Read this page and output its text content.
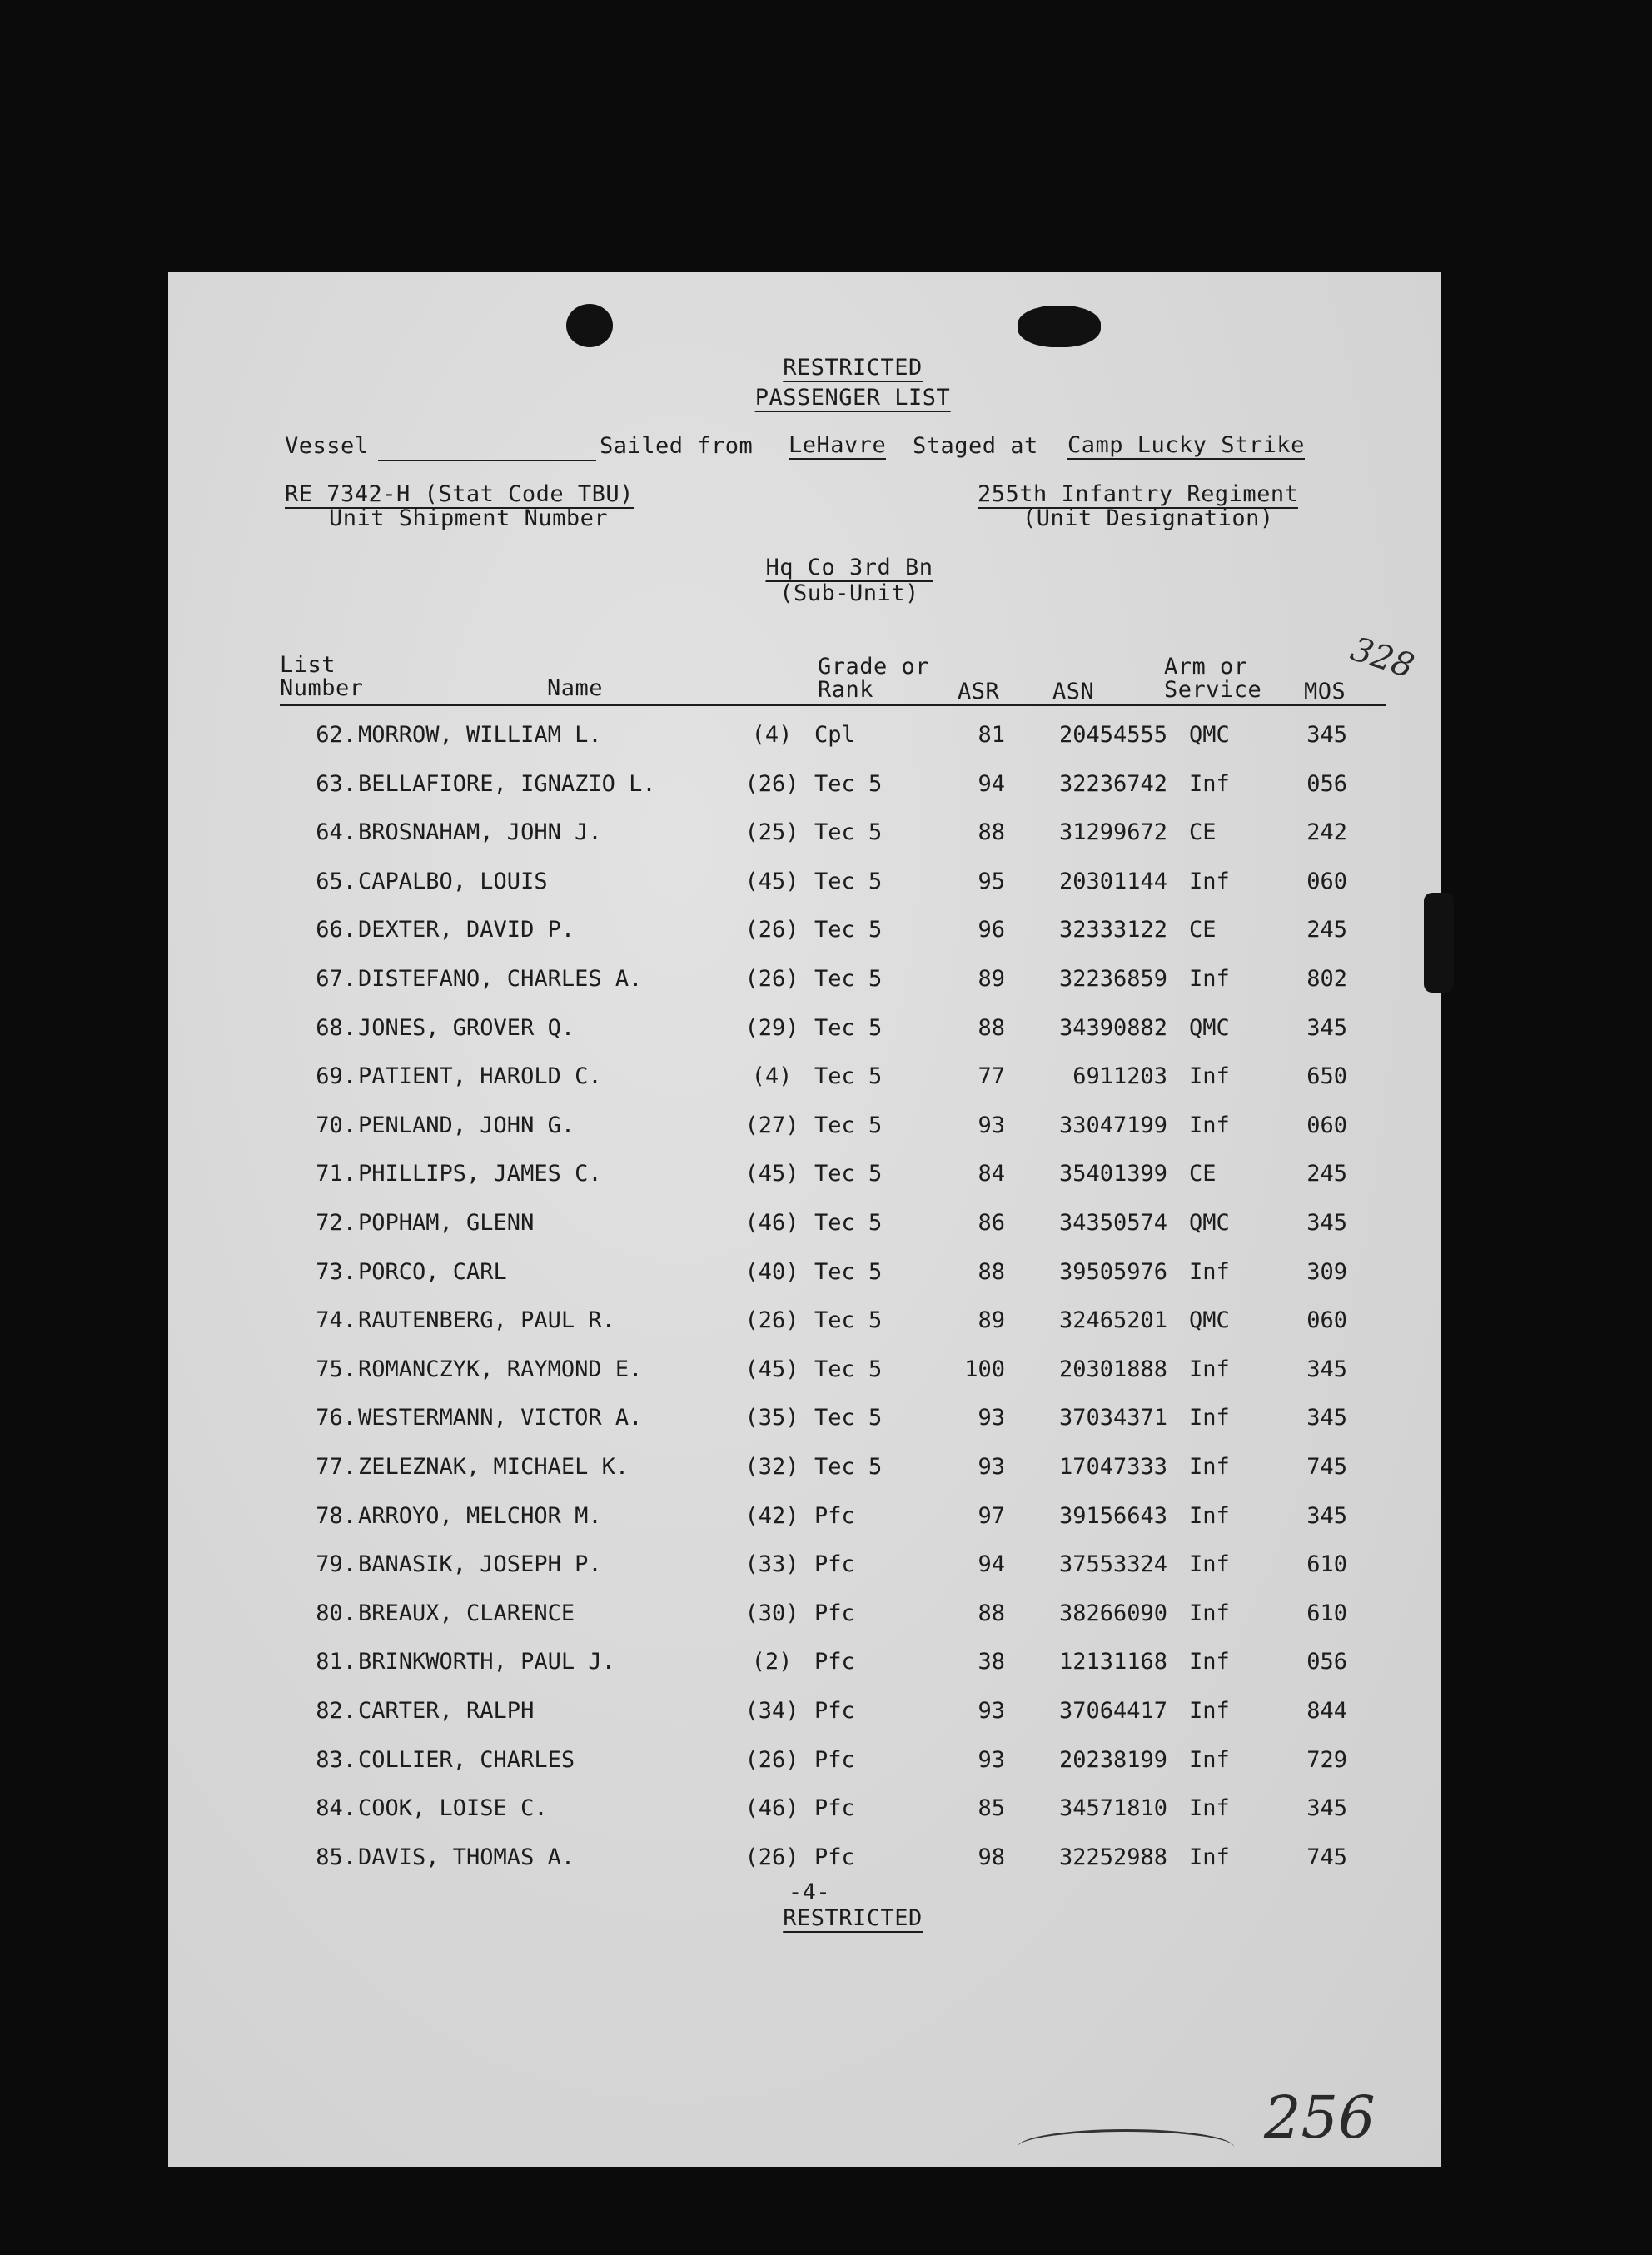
RESTRICTED
PASSENGER LIST
Vessel	Sailed from LeHavre Staged at Camp Lucky Strike
RE 7342-H (Stat Code TBU)
Unit Shipment Number
255th Infantry Regiment
(Unit Designation)
Hq Co 3rd Bn
(Sub-Unit)
328
256
List
Number	Name
Grade or
Rank	ASR ASN
Arm or
Service MOS
62. MORROW, WILLIAM L.	(4) Cpl	81	20454555 QMC	345
63. BELLAFIORE, IGNAZIO L.	(26) Tec 5	94	32236742 Inf	056
64. BROSNAHAM, JOHN J.	(25) Tec 5	88	31299672 CE	242
65. CAPALBO, LOUIS	(45) Tec 5	95	20301144 Inf	060
66. DEXTER, DAVID P.	(26) Tec 5	96	32333122 CE	245
67. DISTEFANO, CHARLES A.	(26) Tec 5	89	32236859 Inf	802
68. JONES, GROVER Q.	(29) Tec 5	88	34390882 QMC	345
69. PATIENT, HAROLD C.	(4) Tec 5	77	6911203 Inf	650
70. PENLAND, JOHN G.	(27) Tec 5	93	33047199 Inf	060
71. PHILLIPS, JAMES C.	(45) Tec 5	84	35401399 CE	245
72. POPHAM, GLENN	(46) Tec 5	86	34350574 QMC	345
73. PORCO, CARL	(40) Tec 5	88	39505976 Inf	309
74. RAUTENBERG, PAUL R.	(26) Tec 5	89	32465201 QMC	060
75. ROMANCZYK, RAYMOND E.	(45) Tec 5	100	20301888 Inf	345
76. WESTERMANN, VICTOR A.	(35) Tec 5	93	37034371 Inf	345
77. ZELEZNAK, MICHAEL K.	(32) Tec 5	93	17047333 Inf	745
78. ARROYO, MELCHOR M.	(42) Pfc	97	39156643 Inf	345
79. BANASIK, JOSEPH P.	(33) Pfc	94	37553324 Inf	610
80. BREAUX, CLARENCE	(30) Pfc	88	38266090 Inf	610
81. BRINKWORTH, PAUL J.	(2) Pfc	38	12131168 Inf	056
82. CARTER, RALPH	(34) Pfc	93	37064417 Inf	844
83. COLLIER, CHARLES	(26) Pfc	93	20238199 Inf	729
84. COOK, LOISE C.	(46) Pfc	85	34571810 Inf	345
85. DAVIS, THOMAS A.	(26) Pfc	98	32252988 Inf	745
-4-
RESTRICTED
